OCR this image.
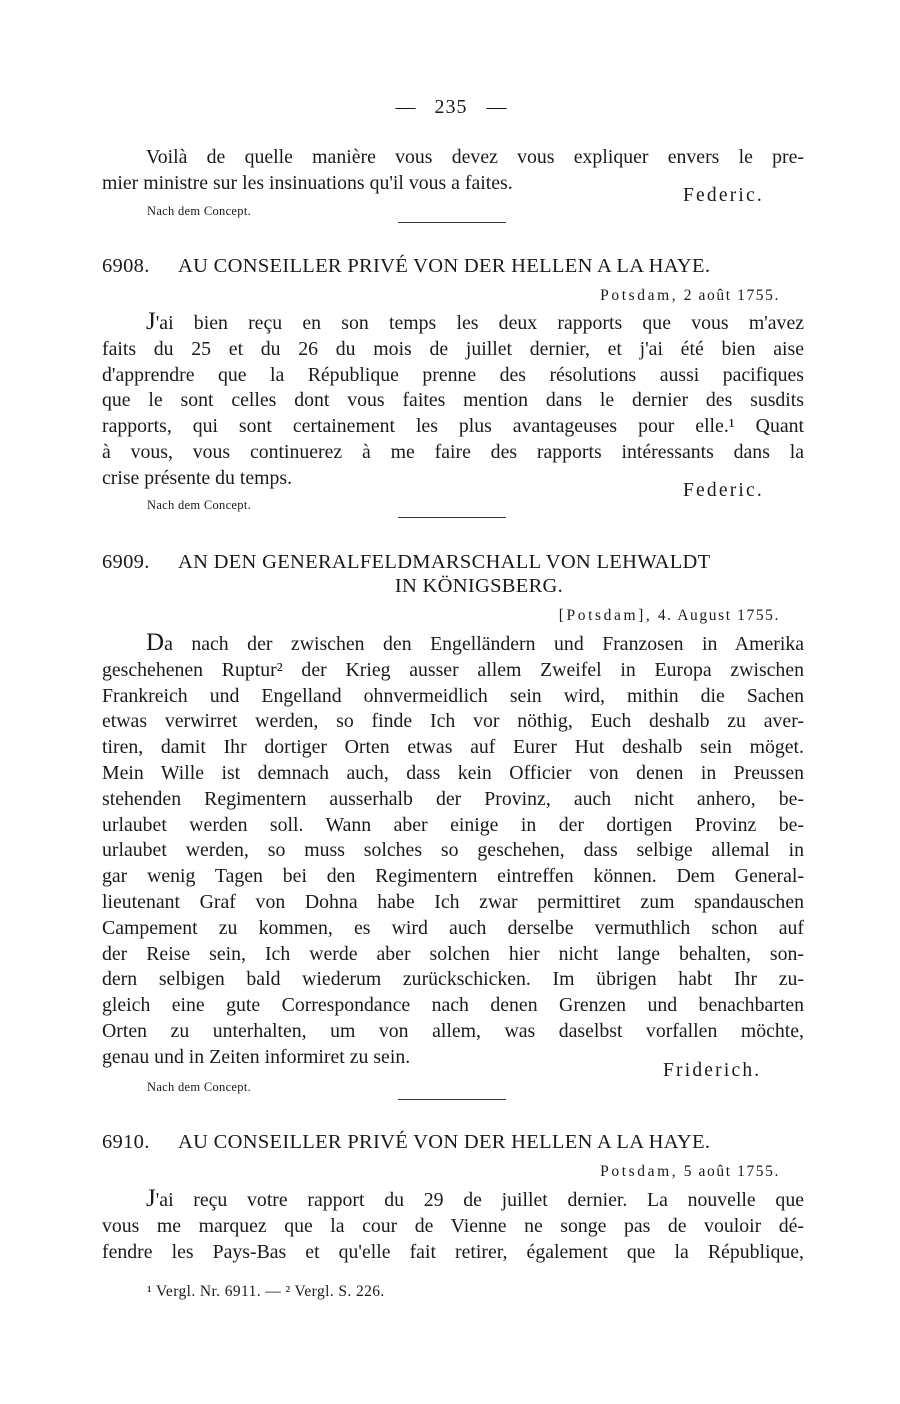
— 235 —
Voilà de quelle manière vous devez vous expliquer envers le pre-
mier ministre sur les insinuations qu'il vous a faites.
Federic.
Nach dem Concept.
6908. AU CONSEILLER PRIVÉ VON DER HELLEN A LA HAYE.
Potsdam, 2 août 1755.
J'ai bien reçu en son temps les deux rapports que vous m'avez
faits du 25 et du 26 du mois de juillet dernier, et j'ai été bien aise
d'apprendre que la République prenne des résolutions aussi pacifiques
que le sont celles dont vous faites mention dans le dernier des susdits
rapports, qui sont certainement les plus avantageuses pour elle.¹ Quant
à vous, vous continuerez à me faire des rapports intéressants dans la
crise présente du temps.
Federic.
Nach dem Concept.
6909. AN DEN GENERALFELDMARSCHALL VON LEHWALDT
IN KÖNIGSBERG.
[Potsdam], 4. August 1755.
Da nach der zwischen den Engelländern und Franzosen in Amerika
geschehenen Ruptur² der Krieg ausser allem Zweifel in Europa zwischen
Frankreich und Engelland ohnvermeidlich sein wird, mithin die Sachen
etwas verwirret werden, so finde Ich vor nöthig, Euch deshalb zu aver-
tiren, damit Ihr dortiger Orten etwas auf Eurer Hut deshalb sein möget.
Mein Wille ist demnach auch, dass kein Officier von denen in Preussen
stehenden Regimentern ausserhalb der Provinz, auch nicht anhero, be-
urlaubet werden soll. Wann aber einige in der dortigen Provinz be-
urlaubet werden, so muss solches so geschehen, dass selbige allemal in
gar wenig Tagen bei den Regimentern eintreffen können. Dem General-
lieutenant Graf von Dohna habe Ich zwar permittiret zum spandauschen
Campement zu kommen, es wird auch derselbe vermuthlich schon auf
der Reise sein, Ich werde aber solchen hier nicht lange behalten, son-
dern selbigen bald wiederum zurückschicken. Im übrigen habt Ihr zu-
gleich eine gute Correspondance nach denen Grenzen und benachbarten
Orten zu unterhalten, um von allem, was daselbst vorfallen möchte,
genau und in Zeiten informiret zu sein.
Friderich.
Nach dem Concept.
6910. AU CONSEILLER PRIVÉ VON DER HELLEN A LA HAYE.
Potsdam, 5 août 1755.
J'ai reçu votre rapport du 29 de juillet dernier. La nouvelle que
vous me marquez que la cour de Vienne ne songe pas de vouloir dé-
fendre les Pays-Bas et qu'elle fait retirer, également que la République,
¹ Vergl. Nr. 6911. — ² Vergl. S. 226.
